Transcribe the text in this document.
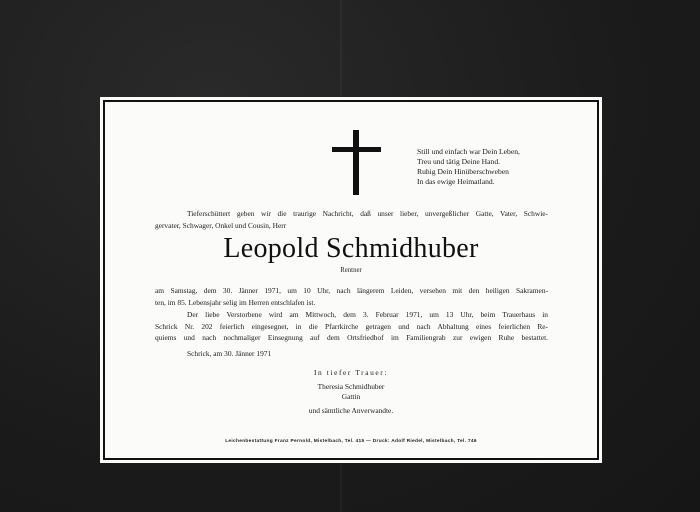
Still und einfach war Dein Leben,
Treu und tätig Deine Hand.
Ruhig Dein Hinüberschweben
In das ewige Heimatland.
Tieferschüttert geben wir die traurige Nachricht, daß unser lieber, unvergeßlicher Gatte, Vater, Schwie-
gervater, Schwager, Onkel und Cousin, Herr
Leopold Schmidhuber
Rentner
am Samstag, dem 30. Jänner 1971, um 10 Uhr, nach längerem Leiden, versehen mit den heiligen Sakramen-
ten, im 85. Lebensjahr selig im Herren entschlafen ist.
Der liebe Verstorbene wird am Mittwoch, dem 3. Februar 1971, um 13 Uhr, beim Trauerhaus in
Schrick Nr. 202 feierlich eingesegnet, in die Pfarrkirche getragen und nach Abhaltung eines feierlichen Re-
quiems und nach nochmaliger Einsegnung auf dem Ortsfriedhof im Familiengrab zur ewigen Ruhe bestattet.
Schrick, am 30. Jänner 1971
In tiefer Trauer:
Theresia Schmidhuber
Gattin
und sämtliche Anverwandte.
Leichenbestattung Franz Pernold, Mistelbach, Tel. 415 — Druck: Adolf Riedel, Mistelbach, Tel. 746
